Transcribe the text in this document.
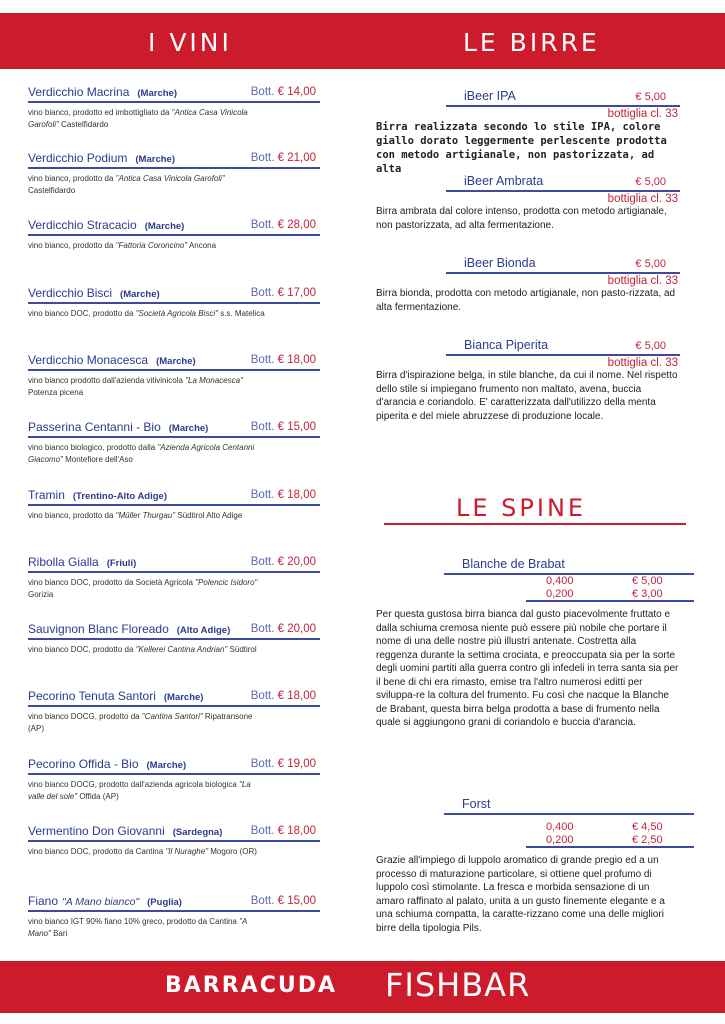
I VINI	LE BIRRE
Verdicchio Macrina (Marche)	Bott. € 14,00
vino bianco, prodotto ed imbottigliato da "Antica Casa Vinicola Garofoli" Castelfidardo
Verdicchio Podium (Marche)	Bott. € 21,00
vino bianco, prodotto da "Antica Casa Vinicola Garofoli" Castelfidardo
Verdicchio Stracacio (Marche)	Bott. € 28,00
vino bianco, prodotto da "Fattoria Coroncino" Ancona
Verdicchio Bisci (Marche)	Bott. € 17,00
vino bianco DOC, prodotto da "Società Agricola Bisci" s.s. Matelica
Verdicchio Monacesca (Marche)	Bott. € 18,00
vino bianco prodotto dall'azienda vitivinicola "La Monacesca" Potenza picena
Passerina Centanni - Bio (Marche)	Bott. € 15,00
vino bianco biologico, prodotto dalla "Azienda Agricola Centanni Giacomo" Montefiore dell'Aso
Tramin (Trentino-Alto Adige)	Bott. € 18,00
vino bianco, prodotto da "Müller Thurgau" Südtirol Alto Adige
Ribolla Gialla (Friuli)	Bott. € 20,00
vino bianco DOC, prodotto da Società Agricola "Polencic Isidoro" Gorizia
Sauvignon Blanc Floreado (Alto Adige) Bott. € 20,00
vino bianco DOC, prodotto da "Kellerei Cantina Andrian" Südtirol
Pecorino Tenuta Santori (Marche)	Bott. € 18,00
vino bianco DOCG, prodotto da "Cantina Santori" Ripatransone (AP)
Pecorino Offida - Bio (Marche)	Bott. € 19,00
vino bianco DOCG, prodotto dall'azienda agricola biologica "La valle del sole" Offida (AP)
Vermentino Don Giovanni (Sardegna) Bott. € 18,00
vino bianco DOC, prodotto da Cantina "Il Nuraghe" Mogoro (OR)
Fiano "A Mano bianco" (Puglia)	Bott. € 15,00
vino bianco IGT 90% fiano 10% greco, prodotto da Cantina "A Mano" Bari
iBeer IPA	€ 5,00
bottiglia cl. 33
Birra realizzata secondo lo stile IPA, colore giallo dorato leggermente perlescente prodotta con metodo artigianale, non pastorizzata, ad alta
iBeer Ambrata	€ 5,00
bottiglia cl. 33
Birra ambrata dal colore intenso, prodotta con metodo artigianale, non pastorizzata, ad alta fermentazione.
iBeer Bionda	€ 5,00
bottiglia cl. 33
Birra bionda, prodotta con metodo artigianale, non pasto-rizzata, ad alta fermentazione.
Bianca Piperita	€ 5,00
bottiglia cl. 33
Birra d'ispirazione belga, in stile blanche, da cui il nome. Nel rispetto dello stile si impiegano frumento non maltato, avena, buccia d'arancia e coriandolo. E' caratterizzata dall'utilizzo della menta piperita e del miele abruzzese di produzione locale.
LE SPINE
Blanche de Brabat
0,400	€ 5,00
0,200	€ 3,00
Per questa gustosa birra bianca dal gusto piacevolmente fruttato e dalla schiuma cremosa niente può essere più nobile che portare il nome di una delle nostre più illustri antenate. Costretta alla reggenza durante la settima crociata, e preoccupata sia per la sorte degli uomini partiti alla guerra contro gli infedeli in terra santa sia per il bene di chi era rimasto, emise tra l'altro numerosi editti per sviluppa-re la coltura del frumento. Fu così che nacque la Blanche de Brabant, questa birra belga prodotta a base di frumento nella quale si aggiungono grani di coriandolo e buccia d'arancia.
Forst
0,400	€ 4,50
0,200	€ 2,50
Grazie all'impiego di luppolo aromatico di grande pregio ed a un processo di maturazione particolare, si ottiene quel profumo di luppolo così stimolante. La fresca e morbida sensazione di un amaro raffinato al palato, unita a un gusto finemente elegante e a una schiuma compatta, la caratte-rizzano come una delle migliori birre della tipologia Pils.
BARRACUDA FISHBAR
